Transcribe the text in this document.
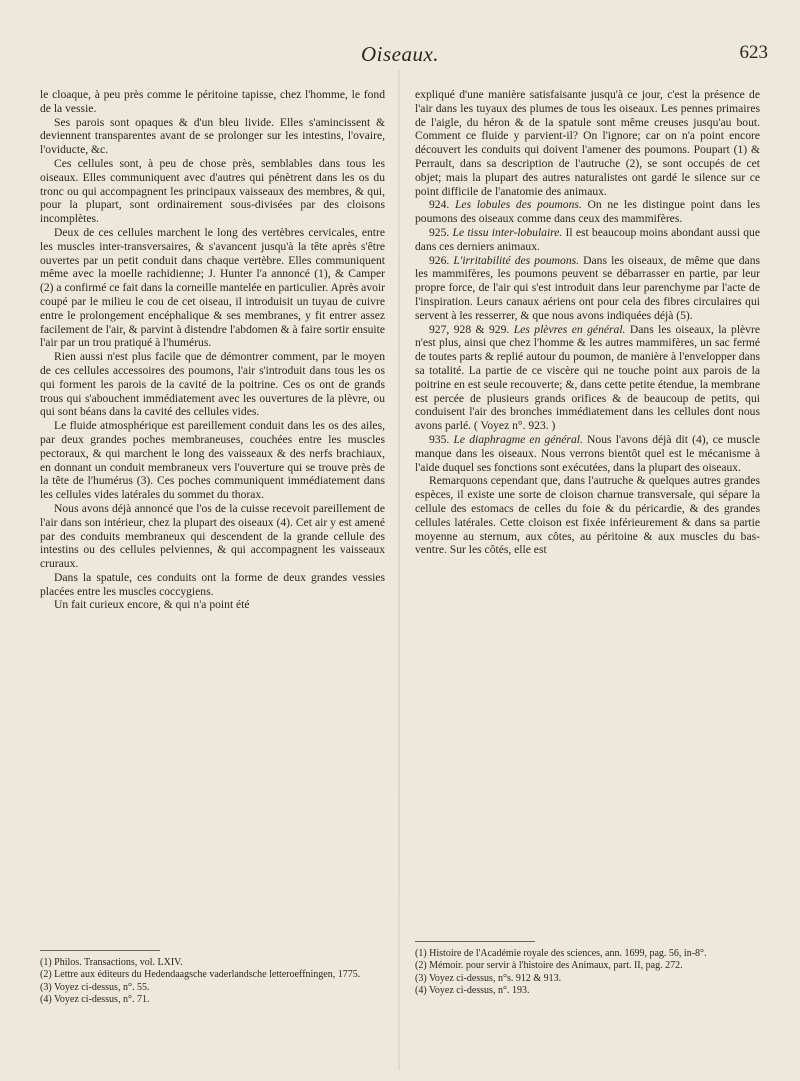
Oiseaux.	623

le cloaque, à peu près comme le péritoine tapisse, chez l'homme, le fond de la vessie.

Ses parois sont opaques & d'un bleu livide. Elles s'amincissent & deviennent transparentes avant de se prolonger sur les intestins, l'ovaire, l'oviducte, &c.

Ces cellules sont, à peu de chose près, semblables dans tous les oiseaux. Elles communiquent avec d'autres qui pénètrent dans les os du tronc ou qui accompagnent les principaux vaisseaux des membres, & qui, pour la plupart, sont ordinairement sous-divisées par des cloisons incomplètes.

Deux de ces cellules marchent le long des vertèbres cervicales, entre les muscles inter-transversaires, & s'avancent jusqu'à la tête après s'être ouvertes par un petit conduit dans chaque vertèbre. Elles communiquent même avec la moelle rachidienne; J. Hunter l'a annoncé (1), & Camper (2) a confirmé ce fait dans la corneille mantelée en particulier. Après avoir coupé par le milieu le cou de cet oiseau, il introduisit un tuyau de cuivre entre le prolongement encéphalique & ses membranes, y fit entrer assez facilement de l'air, & parvint à distendre l'abdomen & à faire sortir ensuite l'air par un trou pratiqué à l'humérus.

Rien aussi n'est plus facile que de démontrer comment, par le moyen de ces cellules accessoires des poumons, l'air s'introduit dans tous les os qui forment les parois de la cavité de la poitrine. Ces os ont de grands trous qui s'abouchent immédiatement avec les ouvertures de la plèvre, ou qui sont béans dans la cavité des cellules vides.

Le fluide atmosphérique est pareillement conduit dans les os des ailes, par deux grandes poches membraneuses, couchées entre les muscles pectoraux, & qui marchent le long des vaisseaux & des nerfs brachiaux, en donnant un conduit membraneux vers l'ouverture qui se trouve près de la tête de l'humérus (3). Ces poches communiquent immédiatement dans les cellules vides latérales du sommet du thorax.

Nous avons déjà annoncé que l'os de la cuisse recevoit pareillement de l'air dans son intérieur, chez la plupart des oiseaux (4). Cet air y est amené par des conduits membraneux qui descendent de la grande cellule des intestins ou des cellules pelviennes, & qui accompagnent les vaisseaux cruraux.

Dans la spatule, ces conduits ont la forme de deux grandes vessies placées entre les muscles coccygiens.

Un fait curieux encore, & qui n'a point été

expliqué d'une manière satisfaisante jusqu'à ce jour, c'est la présence de l'air dans les tuyaux des plumes de tous les oiseaux. Les pennes primaires de l'aigle, du héron & de la spatule sont même creuses jusqu'au bout. Comment ce fluide y parvient-il? On l'ignore; car on n'a point encore découvert les conduits qui doivent l'amener des poumons. Poupart (1) & Perrault, dans sa description de l'autruche (2), se sont occupés de cet objet; mais la plupart des autres naturalistes ont gardé le silence sur ce point difficile de l'anatomie des animaux.

924. Les lobules des poumons. On ne les distingue point dans les poumons des oiseaux comme dans ceux des mammifères.

925. Le tissu inter-lobulaire. Il est beaucoup moins abondant aussi que dans ces derniers animaux.

926. L'irritabilité des poumons. Dans les oiseaux, de même que dans les mammifères, les poumons peuvent se débarrasser en partie, par leur propre force, de l'air qui s'est introduit dans leur parenchyme par l'acte de l'inspiration. Leurs canaux aériens ont pour cela des fibres circulaires qui servent à les resserrer, & que nous avons indiquées déjà (5).

927, 928 & 929. Les plèvres en général. Dans les oiseaux, la plèvre n'est plus, ainsi que chez l'homme & les autres mammifères, un sac fermé de toutes parts & replié autour du poumon, de manière à l'envelopper dans sa totalité. La partie de ce viscère qui ne touche point aux parois de la poitrine en est seule recouverte; &, dans cette petite étendue, la membrane est percée de plusieurs grands orifices & de beaucoup de petits, qui conduisent l'air des bronches immédiatement dans les cellules dont nous avons parlé. ( Voyez n°. 923. )

935. Le diaphragme en général. Nous l'avons déjà dit (4), ce muscle manque dans les oiseaux. Nous verrons bientôt quel est le mécanisme à l'aide duquel ses fonctions sont exécutées, dans la plupart des oiseaux.

Remarquons cependant que, dans l'autruche & quelques autres grandes espèces, il existe une sorte de cloison charnue transversale, qui sépare la cellule des estomacs de celles du foie & du péricardie, & des grandes cellules latérales. Cette cloison est fixée inférieurement & dans sa partie moyenne au sternum, aux côtes, au péritoine & aux muscles du bas-ventre. Sur les côtés, elle est

(1) Philos. Transactions, vol. LXIV.

(2) Lettre aux éditeurs du Hedendaagsche vaderlandsche letteroeffningen, 1775.

(3) Voyez ci-dessus, n°. 55.

(4) Voyez ci-dessus, n°. 71.

(1) Histoire de l'Académie royale des sciences, ann. 1699, pag. 56, in-8°.

(2) Mémoir. pour servir à l'histoire des Animaux, part. II, pag. 272.

(3) Voyez ci-dessus, n°s. 912 & 913.

(4) Voyez ci-dessus, n°. 193.
